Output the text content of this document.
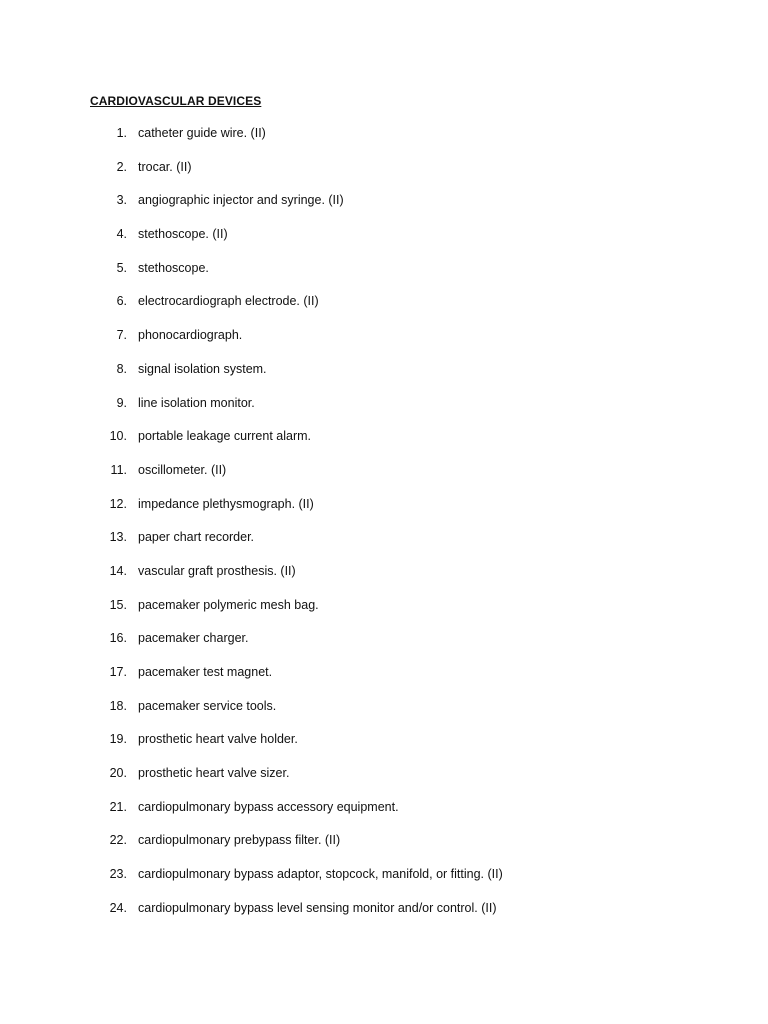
CARDIOVASCULAR DEVICES
1. catheter guide wire. (II)
2. trocar. (II)
3. angiographic injector and syringe. (II)
4. stethoscope. (II)
5. stethoscope.
6. electrocardiograph electrode. (II)
7. phonocardiograph.
8. signal isolation system.
9. line isolation monitor.
10. portable leakage current alarm.
11. oscillometer. (II)
12. impedance plethysmograph. (II)
13. paper chart recorder.
14. vascular graft prosthesis. (II)
15. pacemaker polymeric mesh bag.
16. pacemaker charger.
17. pacemaker test magnet.
18. pacemaker service tools.
19. prosthetic heart valve holder.
20. prosthetic heart valve sizer.
21. cardiopulmonary bypass accessory equipment.
22. cardiopulmonary prebypass filter. (II)
23. cardiopulmonary bypass adaptor, stopcock, manifold, or fitting. (II)
24. cardiopulmonary bypass level sensing monitor and/or control. (II)
